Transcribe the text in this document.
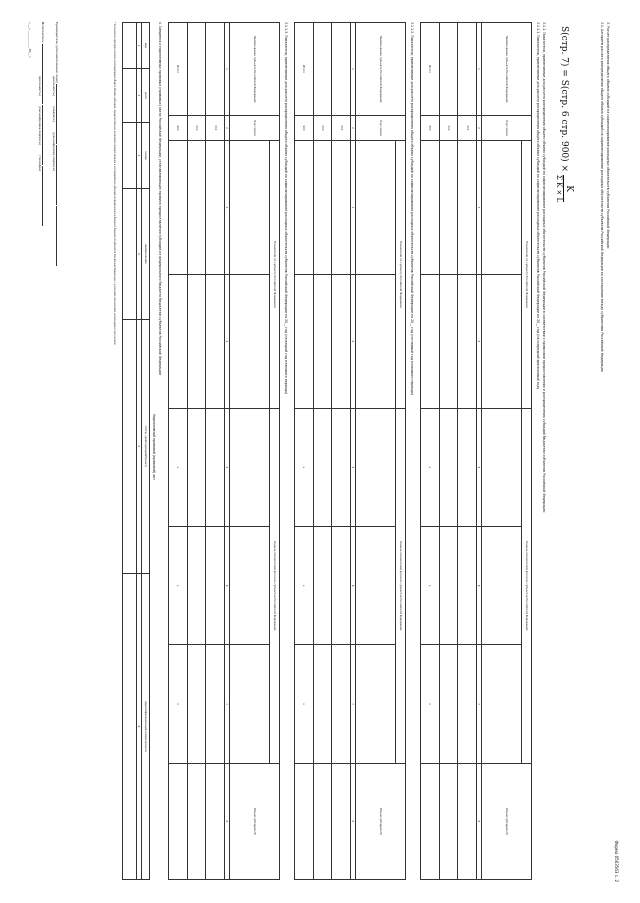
Форма 0503563 с. 2
3. Расчет распределения общего объема субсидий на софинансирование расходных обязательств субъектов Российской Федерации
3.1. Алгоритм расчета распределения общего объема субсидий на софинансирование расходных обязательств субъектов Российской Федерации по соглашению между субъектами Российской Федерации
S(стр. 7) = S(стр. 6 стр. 900) ×
K
Σ K × L
3.1.1. Показатели, применяемые для расчета распределения общего объема субсидий на софинансирование расходных обязательств субъектов Российской Федерации в соответствии с правилами предоставления и распределения субсидий бюджетам субъектов Российской Федерации
3.1.1.1. Показатели, применяемые для расчета распределения общего объема субсидий на софинансирование расходных обязательств субъектов Российской Федерации на 20__ год (на очередной финансовый год)
Наименование субъекта Российской Федерации	Код строки	Показатели по субъекту Российской Федерации		Оценка показателей для всех субъектов Российской Федерации			Объем субсидии (8)

1	2	3	4	5	6	7	8
	011						
	012						
Итого	900			x	x	x	
3.1.1.2. Показатели, применяемые для расчета распределения общего объема субсидий на софинансирование расходных обязательств субъектов Российской Федерации на 20__ год (на первый год планового периода)
Наименование субъекта Российской Федерации	Код строки	Показатели по субъекту Российской Федерации		Оценка показателей для всех субъектов Российской Федерации			Объем субсидии (8)

1	2	3	4	5	6	7	8
	011						
	012						
Итого	900			x	x	x	
3.1.1.3. Показатели, применяемые для расчета распределения общего объема субсидий на софинансирование расходных обязательств субъектов Российской Федерации на 20__ год (на второй год планового периода)
Наименование субъекта Российской Федерации	Код строки	Показатели по субъекту Российской Федерации		Оценка показателей для всех субъектов Российской Федерации			Объем субсидии (8)

1	2	3	4	5	6	7	8
	011						
	012						
Итого	900			x	x	x	
4. Сведения о нормативных правовых (правовых) актах Российской Федерации, устанавливающих правила предоставления субсидий из федерального бюджета бюджетам субъектов Российской Федерации
Нормативный правовой (правовой) акт
вид	дата	номер	наименование	статус (действующий/проект)	идентификационный номер проекта
1	2	3	4	5	6

* Указывается формула расчета распределения общего объема субсидий, предусмотренная правилами предоставления и распределения субсидий из федерального бюджета бюджетам субъектов Российской Федерации, с указанием показателей, используемых при расчете.
Руководитель (уполномоченное лицо)
(должность)           (подпись)           (расшифровка подписи)
Исполнитель
(должность)           (расшифровка подписи)           (телефон)
«___» ___________ 20__ г.
